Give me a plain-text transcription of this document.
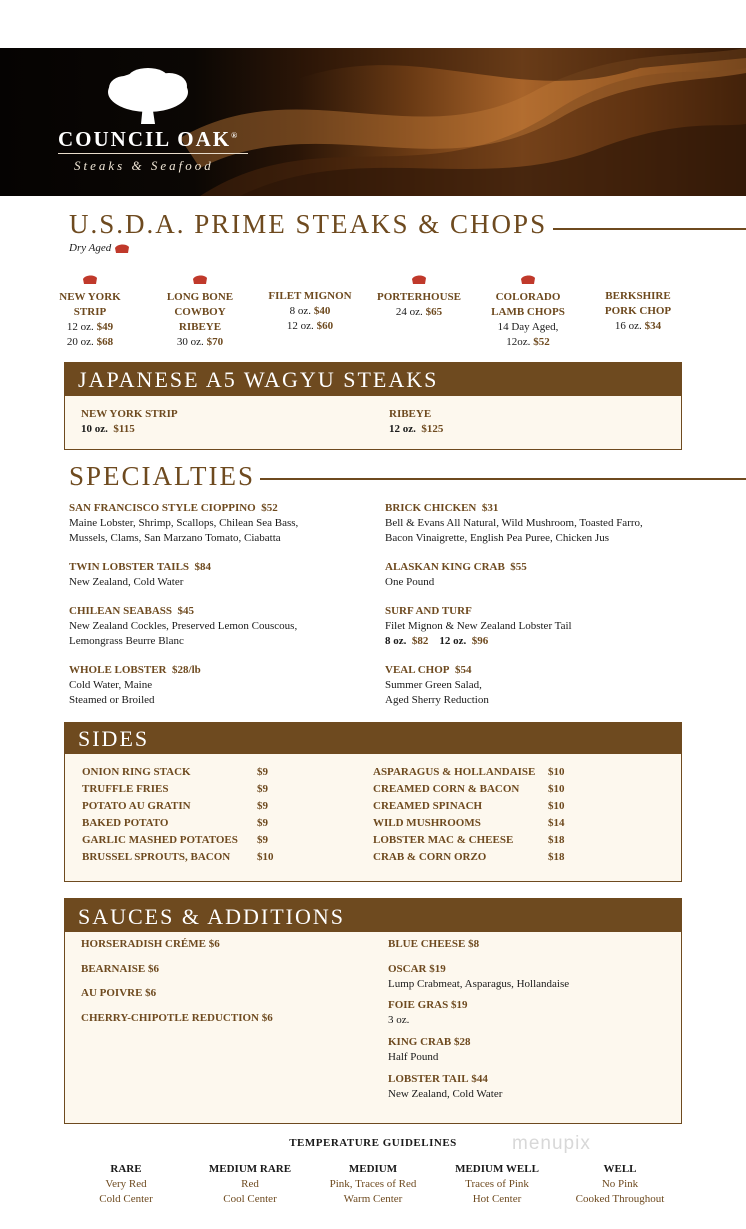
COUNCIL OAK®
Steaks & Seafood
U.S.D.A. PRIME STEAKS & CHOPS
Dry Aged
NEW YORK
STRIP
12 oz. $49
20 oz. $68
LONG BONE
COWBOY
RIBEYE
30 oz. $70
FILET MIGNON
8 oz. $40
12 oz. $60
PORTERHOUSE
24 oz. $65
COLORADO
LAMB CHOPS
14 Day Aged,
12oz. $52
BERKSHIRE
PORK CHOP
16 oz. $34
JAPANESE A5 WAGYU STEAKS
NEW YORK STRIP
10 oz. $115
RIBEYE
12 oz. $125
SPECIALTIES
SAN FRANCISCO STYLE CIOPPINO $52
Maine Lobster, Shrimp, Scallops, Chilean Sea Bass,
Mussels, Clams, San Marzano Tomato, Ciabatta
TWIN LOBSTER TAILS $84
New Zealand, Cold Water
CHILEAN SEABASS $45
New Zealand Cockles, Preserved Lemon Couscous,
Lemongrass Beurre Blanc
WHOLE LOBSTER $28/lb
Cold Water, Maine
Steamed or Broiled
BRICK CHICKEN $31
Bell & Evans All Natural, Wild Mushroom, Toasted Farro,
Bacon Vinaigrette, English Pea Puree, Chicken Jus
ALASKAN KING CRAB $55
One Pound
SURF AND TURF
Filet Mignon & New Zealand Lobster Tail
8 oz. $82 12 oz. $96
VEAL CHOP $54
Summer Green Salad,
Aged Sherry Reduction
SIDES
ONION RING STACK	$9
TRUFFLE FRIES	$9
POTATO AU GRATIN	$9
BAKED POTATO	$9
GARLIC MASHED POTATOES $9
BRUSSEL SPROUTS, BACON $10
ASPARAGUS & HOLLANDAISE $10
CREAMED CORN & BACON	$10
CREAMED SPINACH	$10
WILD MUSHROOMS	$14
LOBSTER MAC & CHEESE	$18
CRAB & CORN ORZO	$18
SAUCES & ADDITIONS
HORSERADISH CRÉME $6
BEARNAISE $6
AU POIVRE $6
CHERRY-CHIPOTLE REDUCTION $6
BLUE CHEESE $8
OSCAR $19
Lump Crabmeat, Asparagus, Hollandaise
FOIE GRAS $19
3 oz.
KING CRAB $28
Half Pound
LOBSTER TAIL $44
New Zealand, Cold Water
TEMPERATURE GUIDELINES	menupix
RARE
Very Red
Cold Center
MEDIUM RARE
Red
Cool Center
MEDIUM
Pink, Traces of Red
Warm Center
MEDIUM WELL
Traces of Pink
Hot Center
WELL
No Pink
Cooked Throughout
